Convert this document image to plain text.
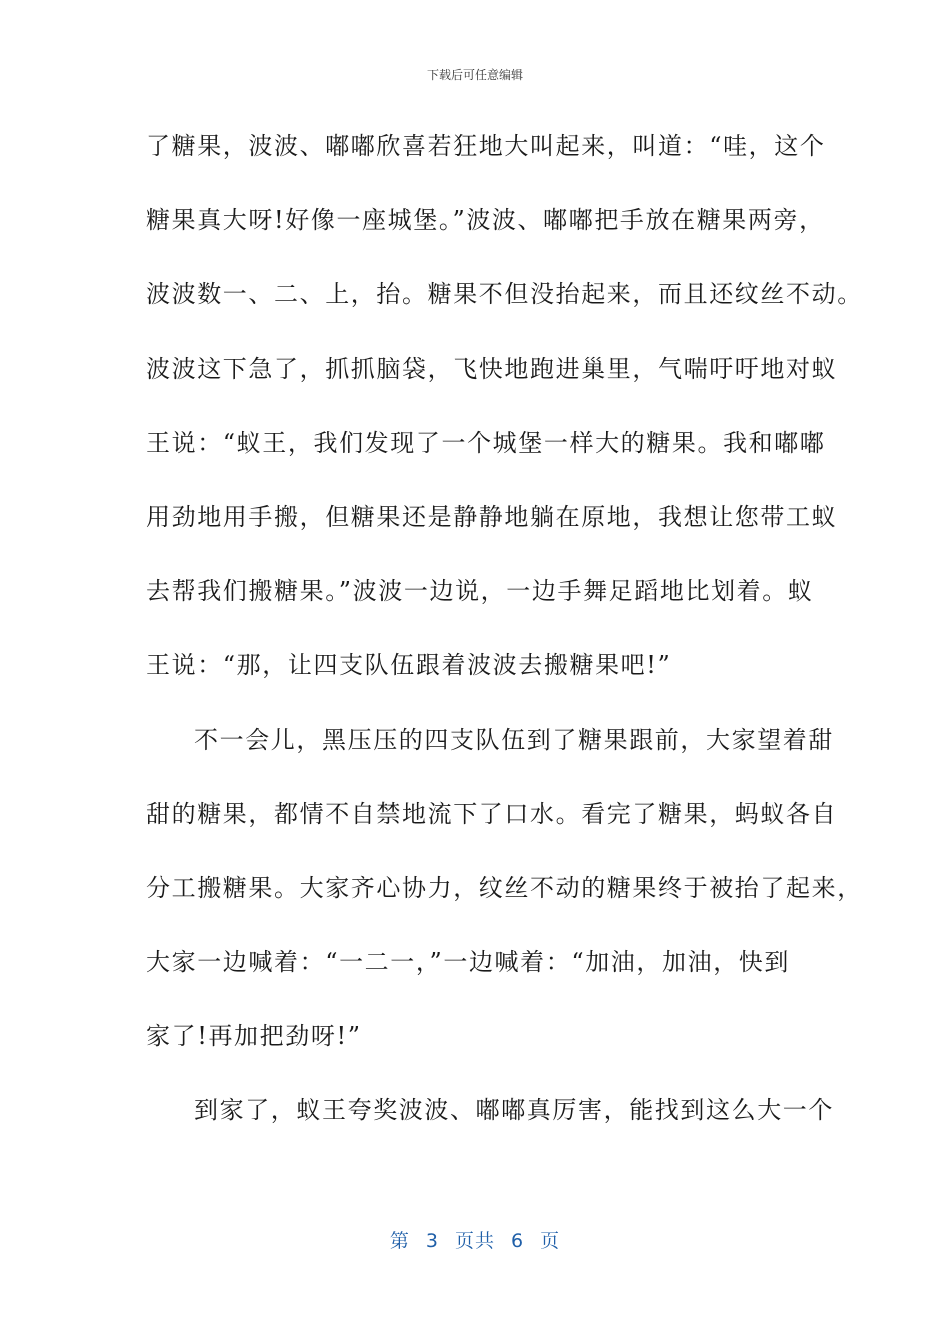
下载后可任意编辑
了糖果，波波、嘟嘟欣喜若狂地大叫起来，叫道：“哇，这个
糖果真大呀!好像一座城堡。”波波、嘟嘟把手放在糖果两旁，
波波数一、二、上，抬。糖果不但没抬起来，而且还纹丝不动。
波波这下急了，抓抓脑袋，飞快地跑进巢里，气喘吁吁地对蚁
王说：“蚁王，我们发现了一个城堡一样大的糖果。我和嘟嘟
用劲地用手搬，但糖果还是静静地躺在原地，我想让您带工蚁
去帮我们搬糖果。”波波一边说，一边手舞足蹈地比划着。蚁
王说：“那，让四支队伍跟着波波去搬糖果吧!”
不一会儿，黑压压的四支队伍到了糖果跟前，大家望着甜
甜的糖果，都情不自禁地流下了口水。看完了糖果，蚂蚁各自
分工搬糖果。大家齐心协力，纹丝不动的糖果终于被抬了起来，
大家一边喊着：“一二一，”一边喊着：“加油，加油，快到
家了!再加把劲呀!”
到家了，蚁王夸奖波波、嘟嘟真厉害，能找到这么大一个
第 3 页共 6 页
